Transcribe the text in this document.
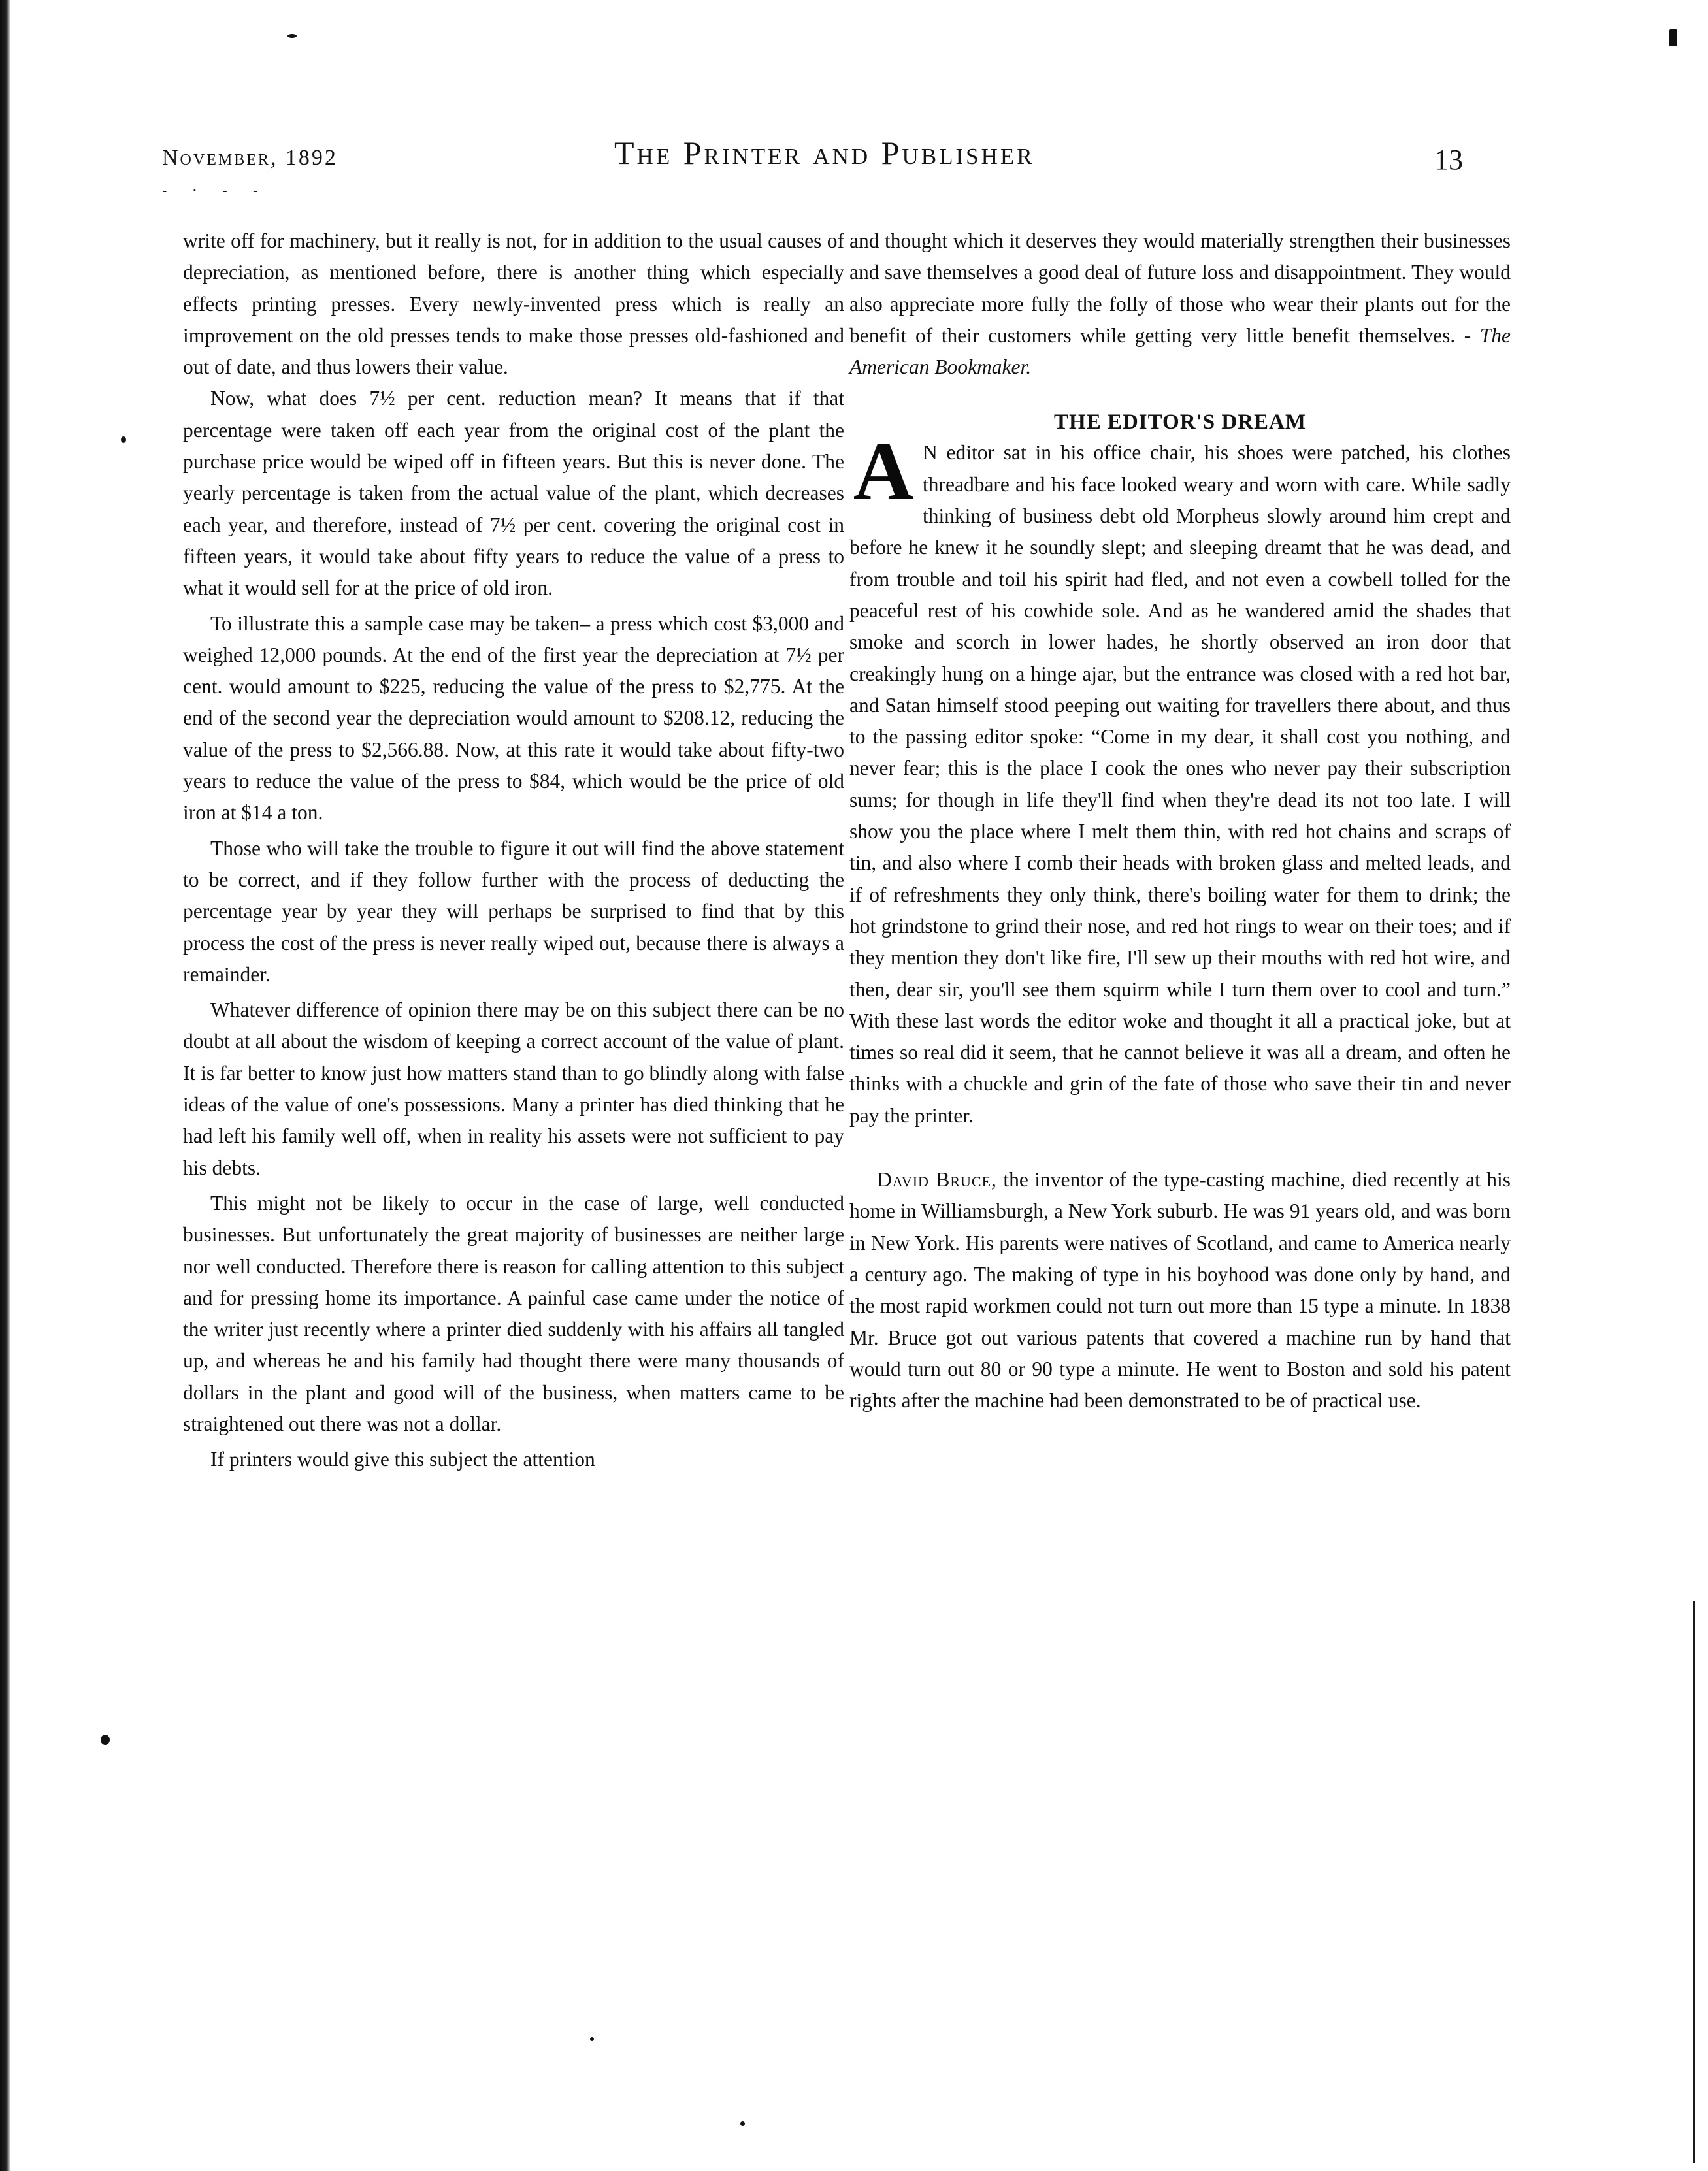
November, 1892	The Printer and Publisher	13
- · - -

write off for machinery, but it really is not, for in addition to the usual causes of depreciation, as mentioned before, there is another thing which especially effects printing presses. Every newly-invented press which is really an improvement on the old presses tends to make those presses old-fashioned and out of date, and thus lowers their value.

Now, what does 7½ per cent. reduction mean? It means that if that percentage were taken off each year from the original cost of the plant the purchase price would be wiped off in fifteen years. But this is never done. The yearly percentage is taken from the actual value of the plant, which decreases each year, and therefore, instead of 7½ per cent. covering the original cost in fifteen years, it would take about fifty years to reduce the value of a press to what it would sell for at the price of old iron.

To illustrate this a sample case may be taken– a press which cost $3,000 and weighed 12,000 pounds. At the end of the first year the depreciation at 7½ per cent. would amount to $225, reducing the value of the press to $2,775. At the end of the second year the depreciation would amount to $208.12, reducing the value of the press to $2,566.88. Now, at this rate it would take about fifty-two years to reduce the value of the press to $84, which would be the price of old iron at $14 a ton.

Those who will take the trouble to figure it out will find the above statement to be correct, and if they follow further with the process of deducting the percentage year by year they will perhaps be surprised to find that by this process the cost of the press is never really wiped out, because there is always a remainder.

Whatever difference of opinion there may be on this subject there can be no doubt at all about the wisdom of keeping a correct account of the value of plant. It is far better to know just how matters stand than to go blindly along with false ideas of the value of one's possessions. Many a printer has died thinking that he had left his family well off, when in reality his assets were not sufficient to pay his debts.

This might not be likely to occur in the case of large, well conducted businesses. But unfortunately the great majority of businesses are neither large nor well conducted. Therefore there is reason for calling attention to this subject and for pressing home its importance. A painful case came under the notice of the writer just recently where a printer died suddenly with his affairs all tangled up, and whereas he and his family had thought there were many thousands of dollars in the plant and good will of the business, when matters came to be straightened out there was not a dollar.

If printers would give this subject the attention

and thought which it deserves they would materially strengthen their businesses and save themselves a good deal of future loss and disappointment. They would also appreciate more fully the folly of those who wear their plants out for the benefit of their customers while getting very little benefit themselves. - The American Bookmaker.

THE EDITOR'S DREAM

A N editor sat in his office chair, his shoes were patched, his clothes threadbare and his face looked weary and worn with care. While sadly thinking of business debt old Morpheus slowly around him crept and before he knew it he soundly slept; and sleeping dreamt that he was dead, and from trouble and toil his spirit had fled, and not even a cowbell tolled for the peaceful rest of his cowhide sole. And as he wandered amid the shades that smoke and scorch in lower hades, he shortly observed an iron door that creakingly hung on a hinge ajar, but the entrance was closed with a red hot bar, and Satan himself stood peeping out waiting for travellers there about, and thus to the passing editor spoke: “Come in my dear, it shall cost you nothing, and never fear; this is the place I cook the ones who never pay their subscription sums; for though in life they'll find when they're dead its not too late. I will show you the place where I melt them thin, with red hot chains and scraps of tin, and also where I comb their heads with broken glass and melted leads, and if of refreshments they only think, there's boiling water for them to drink; the hot grindstone to grind their nose, and red hot rings to wear on their toes; and if they mention they don't like fire, I'll sew up their mouths with red hot wire, and then, dear sir, you'll see them squirm while I turn them over to cool and turn.” With these last words the editor woke and thought it all a practical joke, but at times so real did it seem, that he cannot believe it was all a dream, and often he thinks with a chuckle and grin of the fate of those who save their tin and never pay the printer.

David Bruce, the inventor of the type-casting machine, died recently at his home in Williamsburgh, a New York suburb. He was 91 years old, and was born in New York. His parents were natives of Scotland, and came to America nearly a century ago. The making of type in his boyhood was done only by hand, and the most rapid workmen could not turn out more than 15 type a minute. In 1838 Mr. Bruce got out various patents that covered a machine run by hand that would turn out 80 or 90 type a minute. He went to Boston and sold his patent rights after the machine had been demonstrated to be of practical use.
